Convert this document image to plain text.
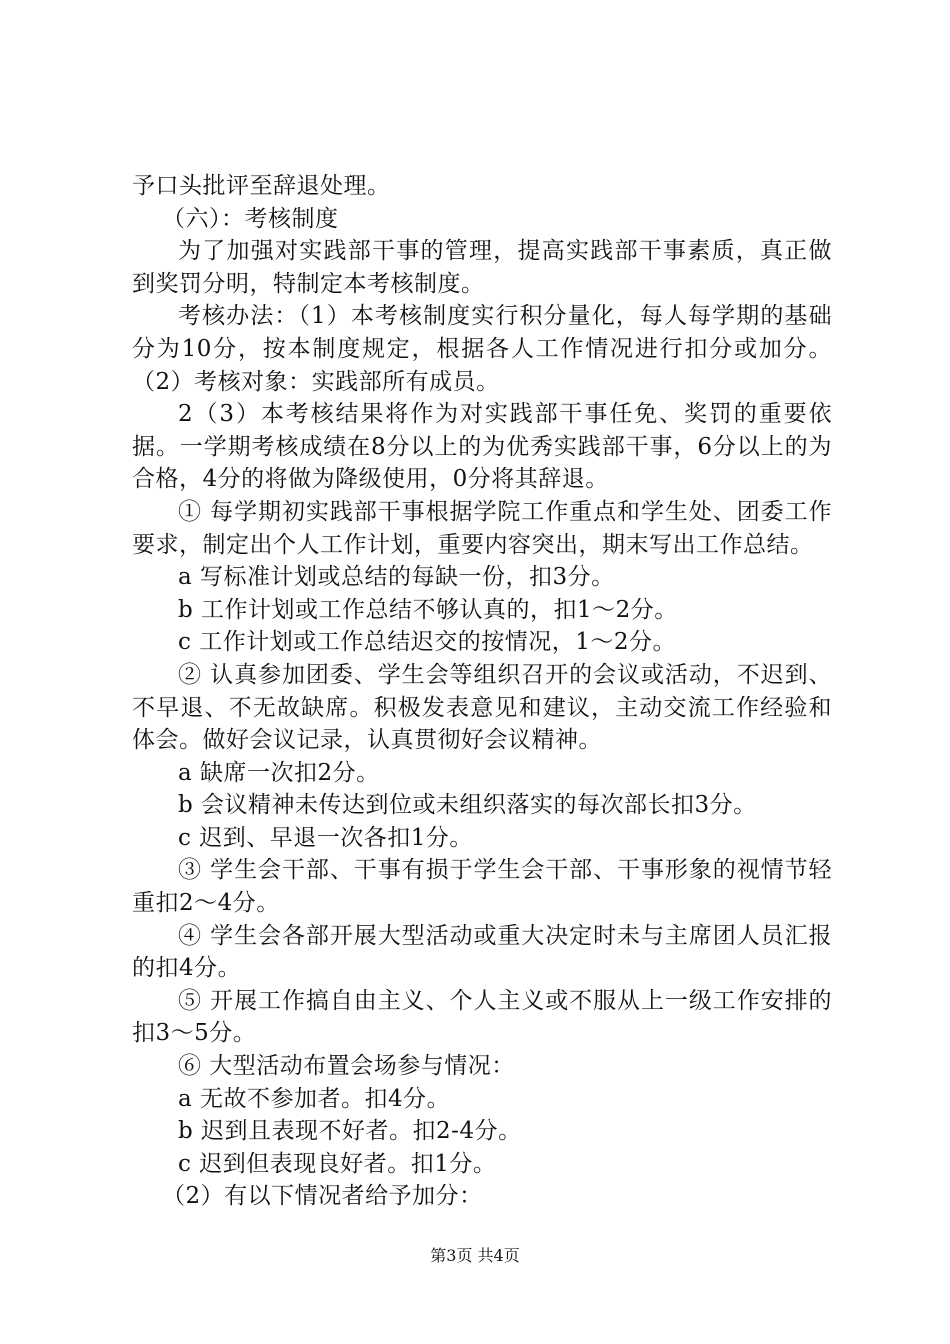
予口头批评至辞退处理。

（六）：考核制度

为了加强对实践部干事的管理，提高实践部干事素质，真正做到奖罚分明，特制定本考核制度。

考核办法：（1）本考核制度实行积分量化，每人每学期的基础分为10分，按本制度规定，根据各人工作情况进行扣分或加分。（2）考核对象：实践部所有成员。

2（3）本考核结果将作为对实践部干事任免、奖罚的重要依据。一学期考核成绩在8分以上的为优秀实践部干事，6分以上的为合格，4分的将做为降级使用，0分将其辞退。

① 每学期初实践部干事根据学院工作重点和学生处、团委工作要求，制定出个人工作计划，重要内容突出，期末写出工作总结。

a 写标准计划或总结的每缺一份，扣3分。

b 工作计划或工作总结不够认真的，扣1～2分。

c 工作计划或工作总结迟交的按情况，1～2分。

② 认真参加团委、学生会等组织召开的会议或活动，不迟到、不早退、不无故缺席。积极发表意见和建议，主动交流工作经验和体会。做好会议记录，认真贯彻好会议精神。

a 缺席一次扣2分。

b 会议精神未传达到位或未组织落实的每次部长扣3分。

c 迟到、早退一次各扣1分。

③ 学生会干部、干事有损于学生会干部、干事形象的视情节轻重扣2～4分。

④ 学生会各部开展大型活动或重大决定时未与主席团人员汇报的扣4分。

⑤ 开展工作搞自由主义、个人主义或不服从上一级工作安排的扣3～5分。

⑥ 大型活动布置会场参与情况：

a 无故不参加者。扣4分。

b 迟到且表现不好者。扣2-4分。

c 迟到但表现良好者。扣1分。

（2）有以下情况者给予加分：

第3页 共4页
